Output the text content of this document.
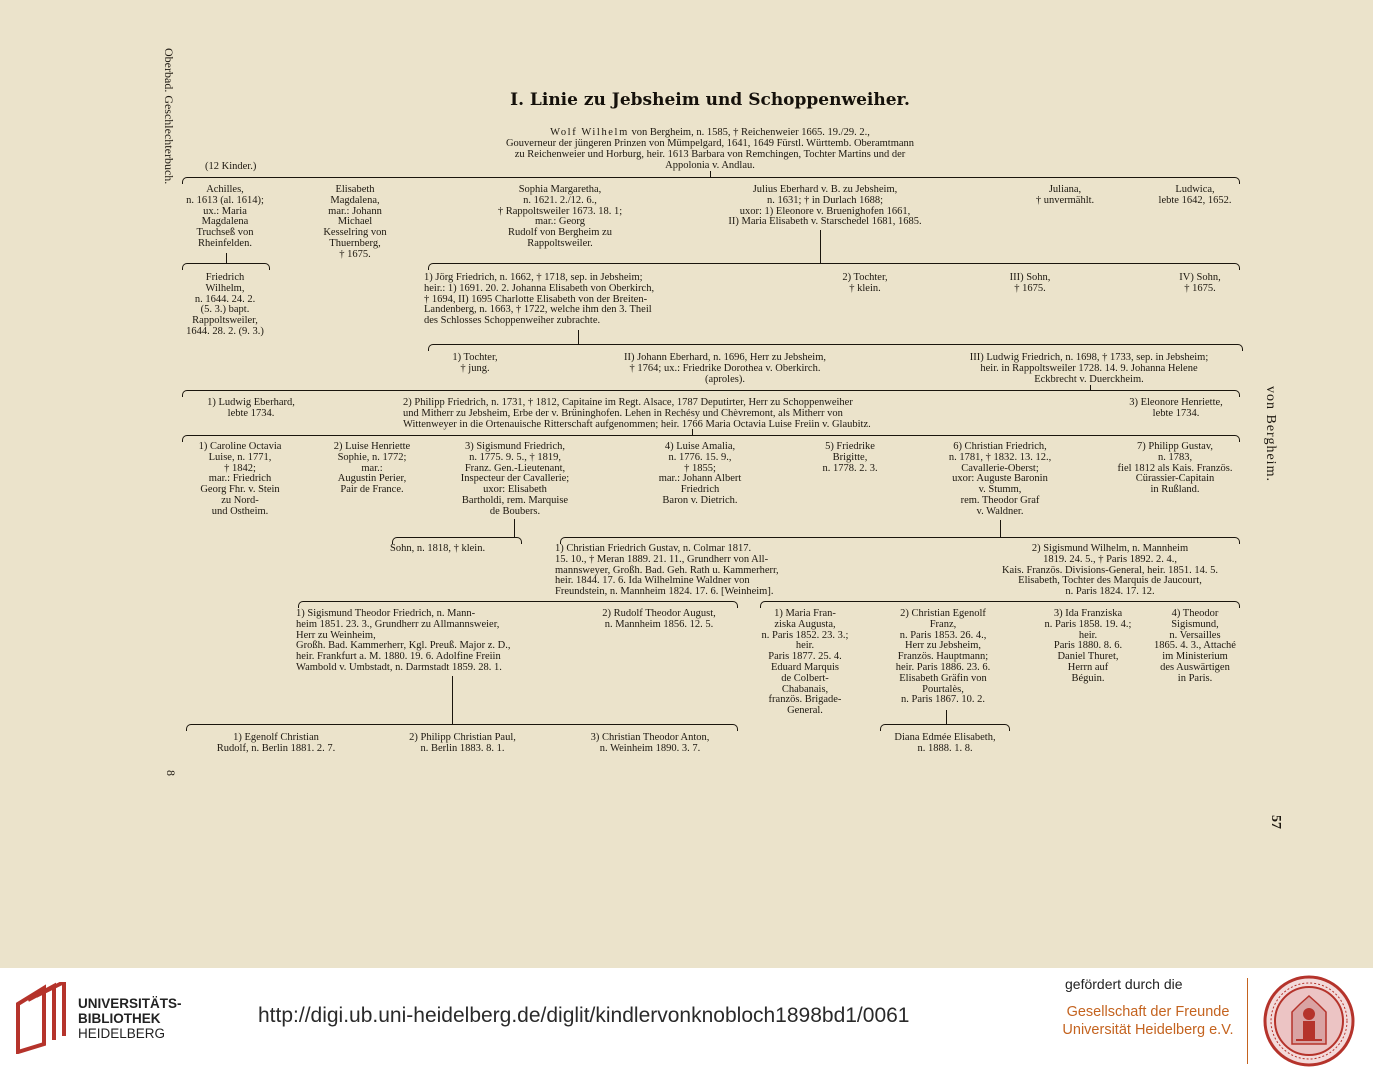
Oberbad. Geschlechterbuch.
8
von Bergheim.
57
I. Linie zu Jebsheim und Schoppenweiher.
Wolf Wilhelm von Bergheim, n. 1585, † Reichenweier 1665. 19./29. 2.,
Gouverneur der jüngeren Prinzen von Mümpelgard, 1641, 1649 Fürstl. Württemb. Oberamtmann
zu Reichenweier und Horburg, heir. 1613 Barbara von Remchingen, Tochter Martins und der
Appolonia v. Andlau.
(12 Kinder.)
Achilles,
n. 1613 (al. 1614);
ux.: Maria
Magdalena
Truchseß von
Rheinfelden.
Elisabeth
Magdalena,
mar.: Johann
Michael
Kesselring von
Thuernberg,
† 1675.
Sophia Margaretha,
n. 1621. 2./12. 6.,
† Rappoltsweiler 1673. 18. 1;
mar.: Georg
Rudolf von Bergheim zu
Rappoltsweiler.
Julius Eberhard v. B. zu Jebsheim,
n. 1631; † in Durlach 1688;
uxor: 1) Eleonore v. Bruenighofen 1661,
II) Maria Elisabeth v. Starschedel 1681, 1685.
Juliana,
† unvermählt.
Ludwica,
lebte 1642, 1652.
Friedrich
Wilhelm,
n. 1644. 24. 2.
(5. 3.) bapt.
Rappoltsweiler,
1644. 28. 2. (9. 3.)
1) Jörg Friedrich, n. 1662, † 1718, sep. in Jebsheim;
heir.: 1) 1691. 20. 2. Johanna Elisabeth von Oberkirch,
† 1694, II) 1695 Charlotte Elisabeth von der Breiten-
Landenberg, n. 1663, † 1722, welche ihm den 3. Theil
des Schlosses Schoppenweiher zubrachte.
2) Tochter,
† klein.
III) Sohn,
† 1675.
IV) Sohn,
† 1675.
1) Tochter,
† jung.
II) Johann Eberhard, n. 1696, Herr zu Jebsheim,
† 1764; ux.: Friedrike Dorothea v. Oberkirch.
(aproles).
III) Ludwig Friedrich, n. 1698, † 1733, sep. in Jebsheim;
heir. in Rappoltsweiler 1728. 14. 9. Johanna Helene
Eckbrecht v. Duerckheim.
1) Ludwig Eberhard,
lebte 1734.
2) Philipp Friedrich, n. 1731, † 1812, Capitaine im Regt. Alsace, 1787 Deputirter, Herr zu Schoppenweiher
und Mitherr zu Jebsheim, Erbe der v. Brüninghofen. Lehen in Rechésy und Chèvremont, als Mitherr von
Wittenweyer in die Ortenauische Ritterschaft aufgenommen; heir. 1766 Maria Octavia Luise Freiin v. Glaubitz.
3) Eleonore Henriette,
lebte 1734.
1) Caroline Octavia
Luise, n. 1771,
† 1842;
mar.: Friedrich
Georg Fhr. v. Stein
zu Nord-
und Ostheim.
2) Luise Henriette
Sophie, n. 1772;
mar.:
Augustin Perier,
Pair de France.
3) Sigismund Friedrich,
n. 1775. 9. 5., † 1819,
Franz. Gen.-Lieutenant,
Inspecteur der Cavallerie;
uxor: Elisabeth
Bartholdi, rem. Marquise
de Boubers.
4) Luise Amalia,
n. 1776. 15. 9.,
† 1855;
mar.: Johann Albert
Friedrich
Baron v. Dietrich.
5) Friedrike
Brigitte,
n. 1778. 2. 3.
6) Christian Friedrich,
n. 1781, † 1832. 13. 12.,
Cavallerie-Oberst;
uxor: Auguste Baronin
v. Stumm,
rem. Theodor Graf
v. Waldner.
7) Philipp Gustav,
n. 1783,
fiel 1812 als Kais. Französ.
Cürassier-Capitain
in Rußland.
Sohn, n. 1818, † klein.	1) Christian Friedrich Gustav, n. Colmar 1817.
15. 10., † Meran 1889. 21. 11., Grundherr von All-
mannsweyer, Großh. Bad. Geh. Rath u. Kammerherr,
heir. 1844. 17. 6. Ida Wilhelmine Waldner von
Freundstein, n. Mannheim 1824. 17. 6. [Weinheim].
2) Sigismund Wilhelm, n. Mannheim
1819. 24. 5., † Paris 1892. 2. 4.,
Kais. Französ. Divisions-General, heir. 1851. 14. 5.
Elisabeth, Tochter des Marquis de Jaucourt,
n. Paris 1824. 17. 12.
1) Sigismund Theodor Friedrich, n. Mann-
heim 1851. 23. 3., Grundherr zu Allmannsweier,
Herr zu Weinheim,
Großh. Bad. Kammerherr, Kgl. Preuß. Major z. D.,
heir. Frankfurt a. M. 1880. 19. 6. Adolfine Freiin
Wambold v. Umbstadt, n. Darmstadt 1859. 28. 1.
2) Rudolf Theodor August,
n. Mannheim 1856. 12. 5.
1) Maria Fran-
ziska Augusta,
n. Paris 1852. 23. 3.;
heir.
Paris 1877. 25. 4.
Eduard Marquis
de Colbert-
Chabanais,
französ. Brigade-
General.
2) Christian Egenolf
Franz,
n. Paris 1853. 26. 4.,
Herr zu Jebsheim,
Französ. Hauptmann;
heir. Paris 1886. 23. 6.
Elisabeth Gräfin von
Pourtalès,
n. Paris 1867. 10. 2.
3) Ida Franziska
n. Paris 1858. 19. 4.;
heir.
Paris 1880. 8. 6.
Daniel Thuret,
Herrn auf
Béguin.
4) Theodor
Sigismund,
n. Versailles
1865. 4. 3., Attaché
im Ministerium
des Auswärtigen
in Paris.
1) Egenolf Christian
Rudolf, n. Berlin 1881. 2. 7.
2) Philipp Christian Paul,
n. Berlin 1883. 8. 1.
3) Christian Theodor Anton,
n. Weinheim 1890. 3. 7.
Diana Edmée Elisabeth,
n. 1888. 1. 8.
UNIVERSITÄTS-
BIBLIOTHEK
HEIDELBERG
http://digi.ub.uni-heidelberg.de/diglit/kindlervonknobloch1898bd1/0061
gefördert durch die
Gesellschaft der Freunde
Universität Heidelberg e.V.
